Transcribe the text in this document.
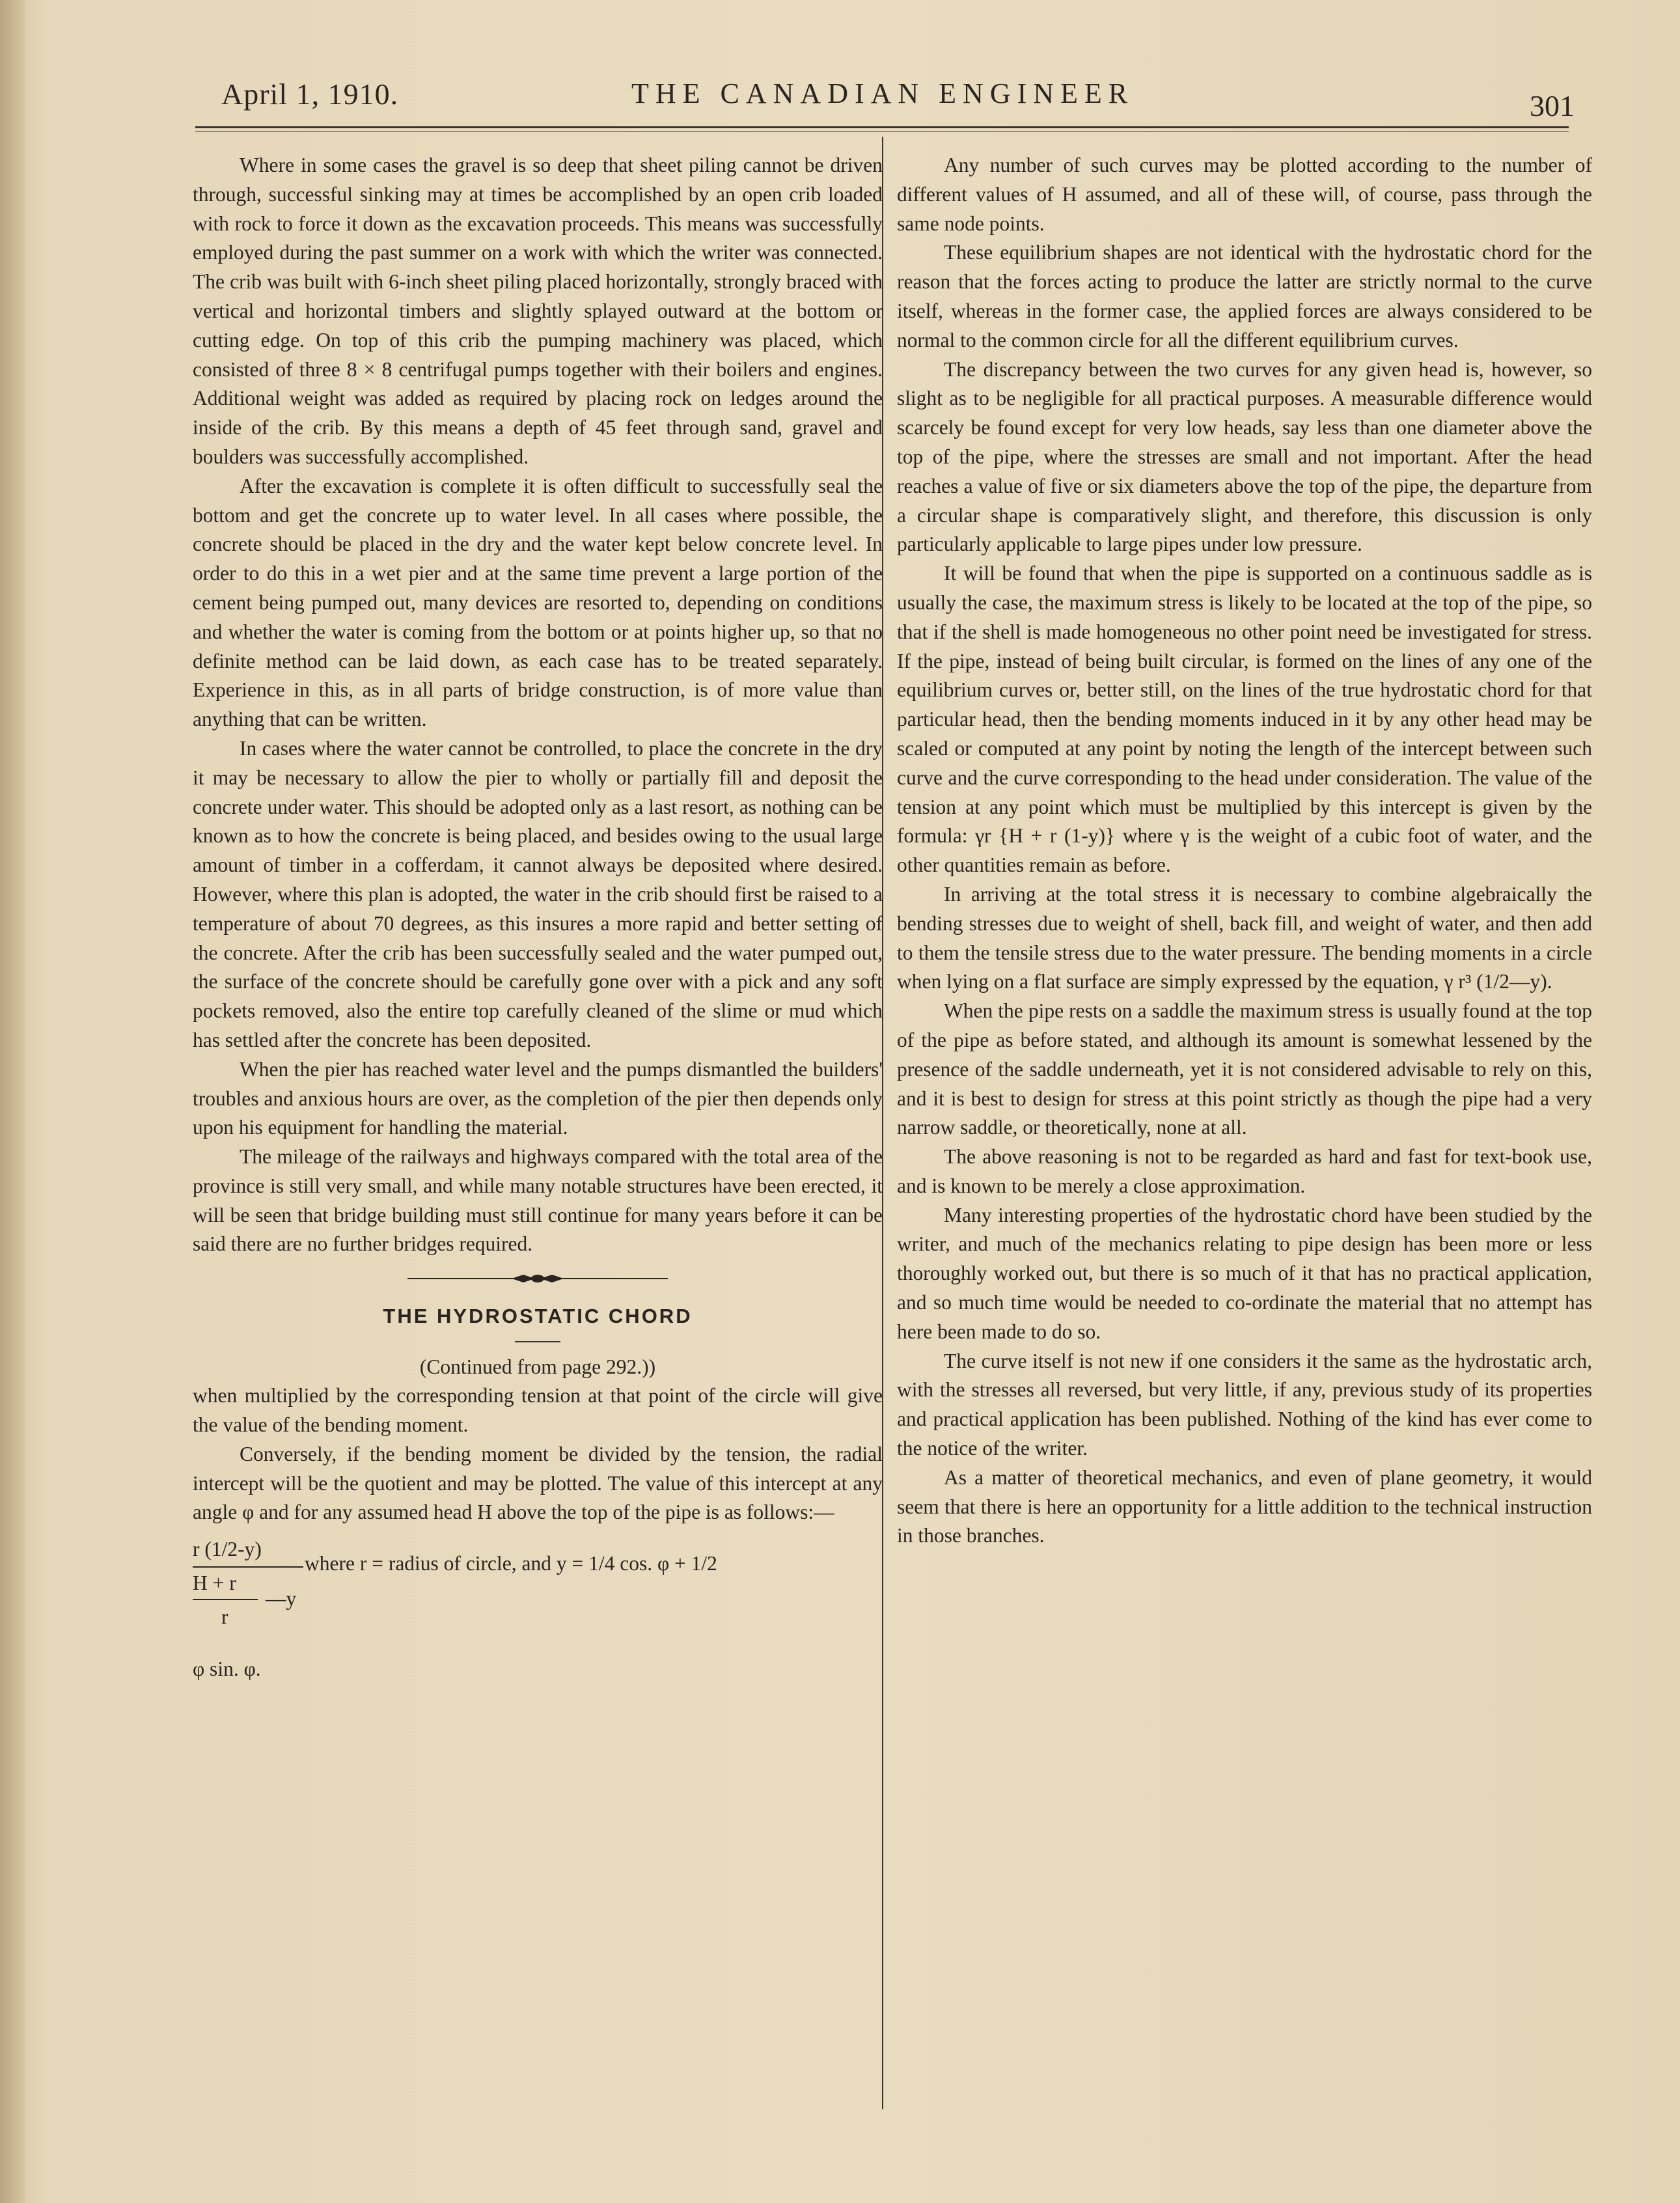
April 1, 1910.	THE CANADIAN ENGINEER	301

Where in some cases the gravel is so deep that sheet piling cannot be driven through, successful sinking may at times be accomplished by an open crib loaded with rock to force it down as the excavation proceeds. This means was successfully employed during the past summer on a work with which the writer was connected. The crib was built with 6-inch sheet piling placed horizontally, strongly braced with vertical and horizontal timbers and slightly splayed outward at the bottom or cutting edge. On top of this crib the pumping machinery was placed, which consisted of three 8 × 8 centrifugal pumps together with their boilers and engines. Additional weight was added as required by placing rock on ledges around the inside of the crib. By this means a depth of 45 feet through sand, gravel and boulders was successfully accomplished.

After the excavation is complete it is often difficult to successfully seal the bottom and get the concrete up to water level. In all cases where possible, the concrete should be placed in the dry and the water kept below concrete level. In order to do this in a wet pier and at the same time prevent a large portion of the cement being pumped out, many devices are resorted to, depending on conditions and whether the water is coming from the bottom or at points higher up, so that no definite method can be laid down, as each case has to be treated separately. Experience in this, as in all parts of bridge construction, is of more value than anything that can be written.

In cases where the water cannot be controlled, to place the concrete in the dry it may be necessary to allow the pier to wholly or partially fill and deposit the concrete under water. This should be adopted only as a last resort, as nothing can be known as to how the concrete is being placed, and besides owing to the usual large amount of timber in a cofferdam, it cannot always be deposited where desired. However, where this plan is adopted, the water in the crib should first be raised to a temperature of about 70 degrees, as this insures a more rapid and better setting of the concrete. After the crib has been successfully sealed and the water pumped out, the surface of the concrete should be carefully gone over with a pick and any soft pockets removed, also the entire top carefully cleaned of the slime or mud which has settled after the concrete has been deposited.

When the pier has reached water level and the pumps dismantled the builders' troubles and anxious hours are over, as the completion of the pier then depends only upon his equipment for handling the material.

The mileage of the railways and highways compared with the total area of the province is still very small, and while many notable structures have been erected, it will be seen that bridge building must still continue for many years before it can be said there are no further bridges required.

THE HYDROSTATIC CHORD

(Continued from page 292.))

when multiplied by the corresponding tension at that point of the circle will give the value of the bending moment.

Conversely, if the bending moment be divided by the tension, the radial intercept will be the quotient and may be plotted. The value of this intercept at any angle φ and for any assumed head H above the top of the pipe is as follows:—

r (1/2-y)
where r = radius of circle, and y = 1/4 cos. φ + 1/2
H + r
—y
r
φ sin. φ.

Any number of such curves may be plotted according to the number of different values of H assumed, and all of these will, of course, pass through the same node points.

These equilibrium shapes are not identical with the hydrostatic chord for the reason that the forces acting to produce the latter are strictly normal to the curve itself, whereas in the former case, the applied forces are always considered to be normal to the common circle for all the different equilibrium curves.

The discrepancy between the two curves for any given head is, however, so slight as to be negligible for all practical purposes. A measurable difference would scarcely be found except for very low heads, say less than one diameter above the top of the pipe, where the stresses are small and not important. After the head reaches a value of five or six diameters above the top of the pipe, the departure from a circular shape is comparatively slight, and therefore, this discussion is only particularly applicable to large pipes under low pressure.

It will be found that when the pipe is supported on a continuous saddle as is usually the case, the maximum stress is likely to be located at the top of the pipe, so that if the shell is made homogeneous no other point need be investigated for stress. If the pipe, instead of being built circular, is formed on the lines of any one of the equilibrium curves or, better still, on the lines of the true hydrostatic chord for that particular head, then the bending moments induced in it by any other head may be scaled or computed at any point by noting the length of the intercept between such curve and the curve corresponding to the head under consideration. The value of the tension at any point which must be multiplied by this intercept is given by the formula: γr {H + r (1-y)} where γ is the weight of a cubic foot of water, and the other quantities remain as before.

In arriving at the total stress it is necessary to combine algebraically the bending stresses due to weight of shell, back fill, and weight of water, and then add to them the tensile stress due to the water pressure. The bending moments in a circle when lying on a flat surface are simply expressed by the equation, γ r³ (1/2—y).

When the pipe rests on a saddle the maximum stress is usually found at the top of the pipe as before stated, and although its amount is somewhat lessened by the presence of the saddle underneath, yet it is not considered advisable to rely on this, and it is best to design for stress at this point strictly as though the pipe had a very narrow saddle, or theoretically, none at all.

The above reasoning is not to be regarded as hard and fast for text-book use, and is known to be merely a close approximation.

Many interesting properties of the hydrostatic chord have been studied by the writer, and much of the mechanics relating to pipe design has been more or less thoroughly worked out, but there is so much of it that has no practical application, and so much time would be needed to co-ordinate the material that no attempt has here been made to do so.

The curve itself is not new if one considers it the same as the hydrostatic arch, with the stresses all reversed, but very little, if any, previous study of its properties and practical application has been published. Nothing of the kind has ever come to the notice of the writer.

As a matter of theoretical mechanics, and even of plane geometry, it would seem that there is here an opportunity for a little addition to the technical instruction in those branches.
